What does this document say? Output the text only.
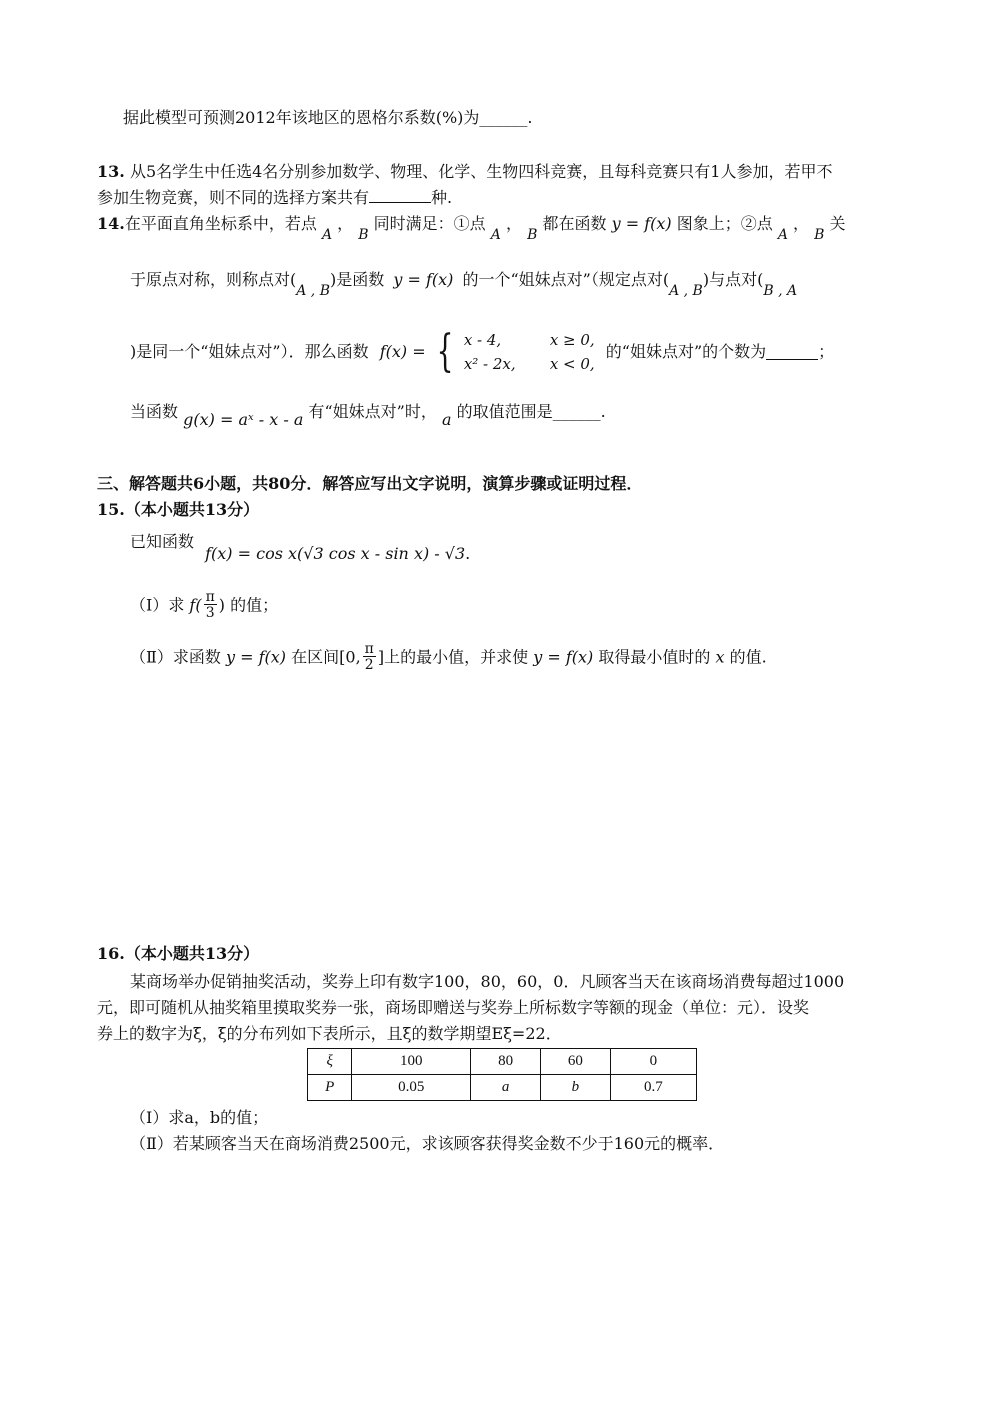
据此模型可预测2012年该地区的恩格尔系数(%)为______.
13. 从5名学生中任选4名分别参加数学、物理、化学、生物四科竞赛，且每科竞赛只有1人参加，若甲不
参加生物竞赛，则不同的选择方案共有	种.
14.在平面直角坐标系中，若点 A ， B 同时满足：①点 A ， B 都在函数 y = f(x) 图象上；②点 A ， B 关
于原点对称，则称点对(A , B)是函数 y = f(x) 的一个“姐妹点对”（规定点对(A , B)与点对(B , A
)是同一个“姐妹点对”）．那么函数 f(x) = { x - 4,	x ≥ 0,
x² - 2x, x < 0,
的“姐妹点对”的个数为	；
当函数 g(x) = aˣ - x - a 有“姐妹点对”时， a 的取值范围是______.
三、解答题共6小题，共80分．解答应写出文字说明，演算步骤或证明过程．
15.（本小题共13分）
已知函数 f(x) = cos x(√3 cos x - sin x) - √3.
（Ⅰ）求 $f( \frac{\pi}{3}$ ) 的值；
（Ⅱ）求函数 y = f(x) 在区间[0, $\frac{\pi}{2}$ ]上的最小值，并求使 y = f(x) 取得最小值时的 x 的值.
16.（本小题共13分）
某商场举办促销抽奖活动，奖券上印有数字100，80，60，0．凡顾客当天在该商场消费每超过1000
元，即可随机从抽奖箱里摸取奖券一张，商场即赠送与奖券上所标数字等额的现金（单位：元）．设奖
券上的数字为ξ，ξ的分布列如下表所示，且ξ的数学期望Eξ=22．
ξ	100	80	60	0
P	0.05	a	b	0.7
（Ⅰ）求a，b的值；
（Ⅱ）若某顾客当天在商场消费2500元，求该顾客获得奖金数不少于160元的概率．
